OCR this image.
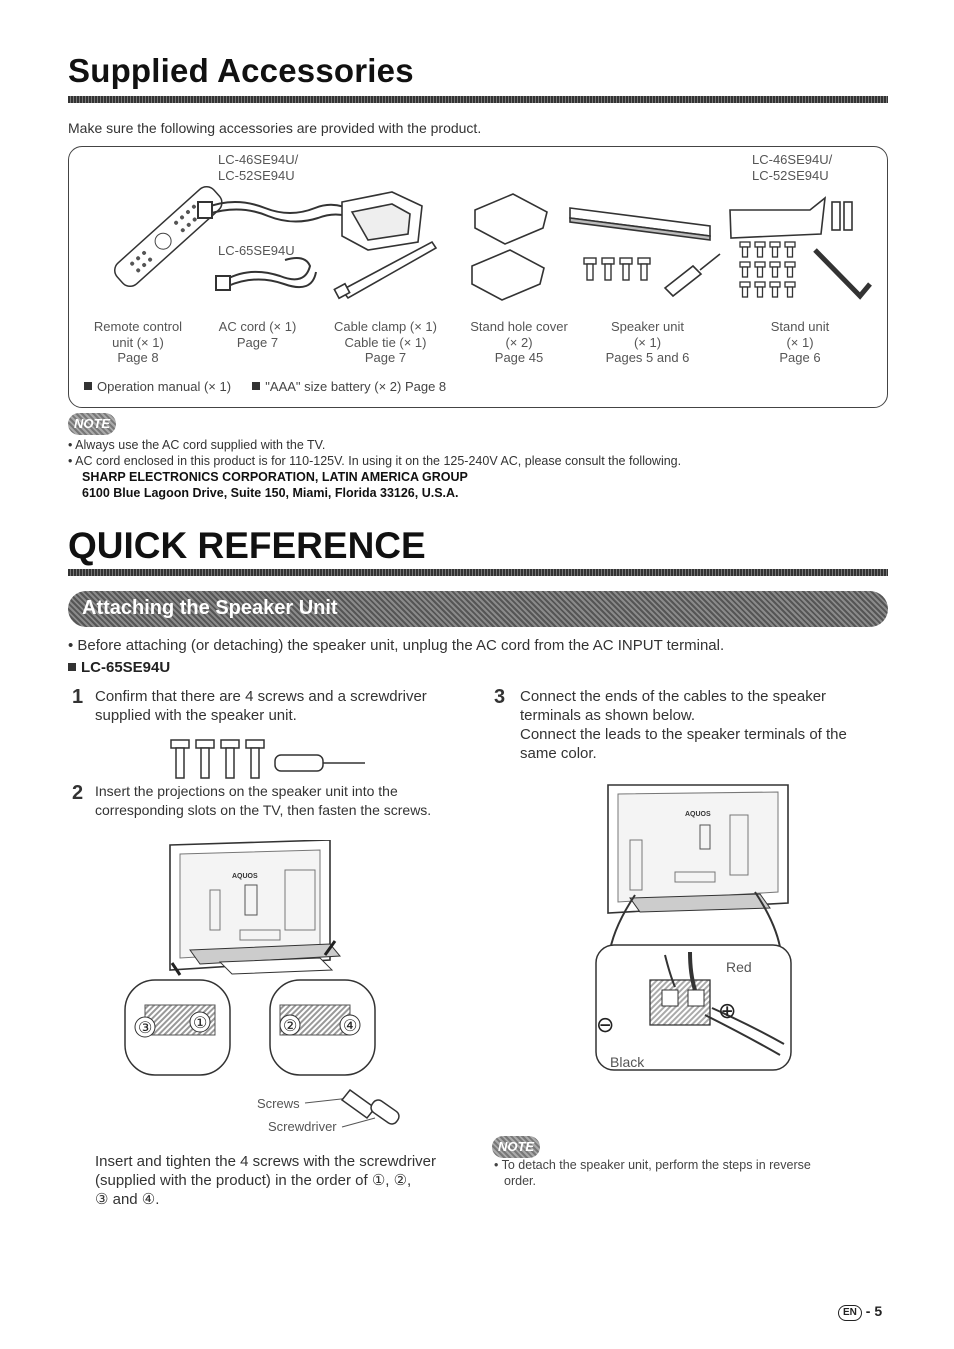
Supplied Accessories
Make sure the following accessories are provided with the product.
LC-46SE94U/
LC-52SE94U
LC-46SE94U/
LC-52SE94U
LC-65SE94U
Remote control
unit (× 1)
Page 8
AC cord (× 1)
Page 7
Cable clamp (× 1)
Cable tie (× 1)
Page 7
Stand hole cover
(× 2)
Page 45
Speaker unit
(× 1)
Pages 5 and 6
Stand unit
(× 1)
Page 6
Operation manual (× 1)	"AAA" size battery (× 2) Page 8
NOTE
• Always use the AC cord supplied with the TV.
• AC cord enclosed in this product is for 110-125V. In using it on the 125-240V AC, please consult the following.
SHARP ELECTRONICS CORPORATION, LATIN AMERICA GROUP
6100 Blue Lagoon Drive, Suite 150, Miami, Florida 33126, U.S.A.
QUICK REFERENCE
Attaching the Speaker Unit
• Before attaching (or detaching) the speaker unit, unplug the AC cord from the AC INPUT terminal.
LC-65SE94U
1 Confirm that there are 4 screws and a screwdriver
supplied with the speaker unit.
2 Insert the projections on the speaker unit into the
corresponding slots on the TV, then fasten the screws.
AQUOS
③	①	②	④
Screws
Screwdriver
Insert and tighten the 4 screws with the screwdriver
(supplied with the product) in the order of ①, ②,
③ and ④.
3 Connect the ends of the cables to the speaker
terminals as shown below.
Connect the leads to the speaker terminals of the
same color.
AQUOS
Red
Black
⊖
⊕
NOTE
• To detach the speaker unit, perform the steps in reverse
order.
EN - 5
